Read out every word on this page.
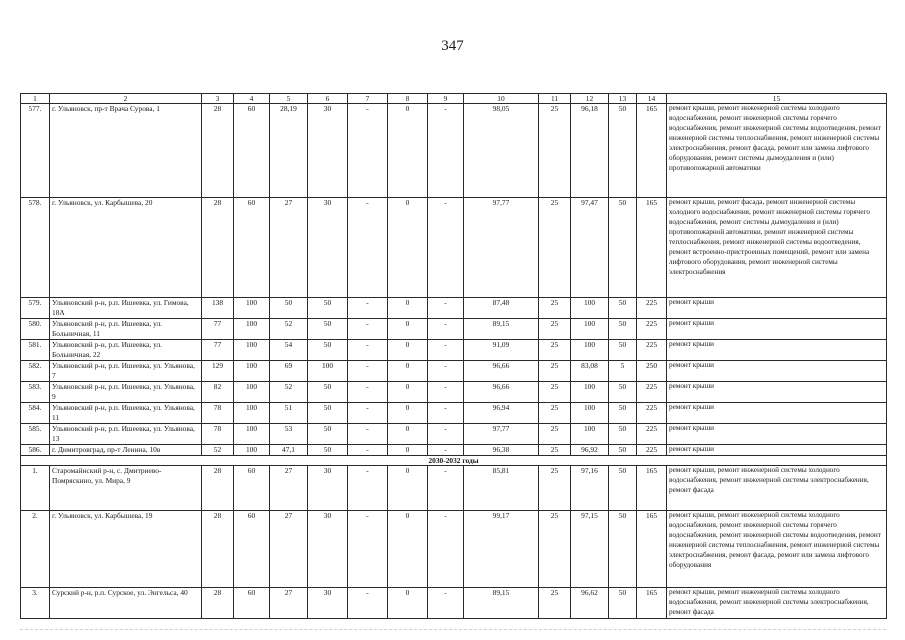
347
1	2	3	4	5	6	7	8	9	10	11	12	13	14	15
577.	г. Ульяновск, пр-т Врача Сурова, 1	28	60	28,19	30	-	0	-	98,05	25	96,18	50	165	ремонт крыши, ремонт инженерной системы холодного водоснабжения, ремонт инженерной системы горячего водоснабжения, ремонт инженерной системы водоотведения, ремонт инженерной системы теплоснабжения, ремонт инженерной системы электроснабжения, ремонт фасада, ремонт или замена лифтового оборудования, ремонт системы дымоудаления и (или) противопожарной автоматики
578.	г. Ульяновск, ул. Карбышева, 20	28	60	27	30	-	0	-	97,77	25	97,47	50	165	ремонт крыши, ремонт фасада, ремонт инженерной системы холодного водоснабжения, ремонт инженерной системы горячего водоснабжения, ремонт системы дымоудаления и (или) противопожарной автоматики, ремонт инженерной системы теплоснабжения, ремонт инженерной системы водоотведения, ремонт встроенно-пристроенных помещений, ремонт или замена лифтового оборудования, ремонт инженерной системы электроснабжения
579.	Ульяновский р-н, р.п. Ишеевка, ул. Гимова, 18А	138	100	50	50	-	0	-	87,48	25	100	50	225	ремонт крыши
580.	Ульяновский р-н, р.п. Ишеевка, ул. Больничная, 11	77	100	52	50	-	0	-	89,15	25	100	50	225	ремонт крыши
581.	Ульяновский р-н, р.п. Ишеевка, ул. Больничная, 22	77	100	54	50	-	0	-	91,09	25	100	50	225	ремонт крыши
582.	Ульяновский р-н, р.п. Ишеевка, ул. Ульянова, 7	129	100	69	100	-	0	-	96,66	25	83,08	5	250	ремонт крыши
583.	Ульяновский р-н, р.п. Ишеевка, ул. Ульянова, 9	82	100	52	50	-	0	-	96,66	25	100	50	225	ремонт крыши
584.	Ульяновский р-н, р.п. Ишеевка, ул. Ульянова, 11	78	100	51	50	-	0	-	96,94	25	100	50	225	ремонт крыши
585.	Ульяновский р-н, р.п. Ишеевка, ул. Ульянова, 13	78	100	53	50	-	0	-	97,77	25	100	50	225	ремонт крыши
586.	г. Димитровград, пр-т Ленина, 10в	52	100	47,1	50	-	0	-	96,38	25	96,92	50	225	ремонт крыши
2030-2032 годы														
1.	Старомайнский р-н, с. Дмитриево-Помряскино, ул. Мира, 9	28	60	27	30	-	0	-	85,81	25	97,16	50	165	ремонт крыши, ремонт инженерной системы холодного водоснабжения, ремонт инженерной системы электроснабжения, ремонт фасада
2.	г. Ульяновск, ул. Карбышева, 19	28	60	27	30	-	0	-	99,17	25	97,15	50	165	ремонт крыши, ремонт инженерной системы холодного водоснабжения, ремонт инженерной системы горячего водоснабжения, ремонт инженерной системы водоотведения, ремонт инженерной системы теплоснабжения, ремонт инженерной системы электроснабжения, ремонт фасада, ремонт или замена лифтового оборудования
3.	Сурский р-н, р.п. Сурское, ул. Энгельса, 40	28	60	27	30	-	0	-	89,15	25	96,62	50	165	ремонт крыши, ремонт инженерной системы холодного водоснабжения, ремонт инженерной системы электроснабжения, ремонт фасада
